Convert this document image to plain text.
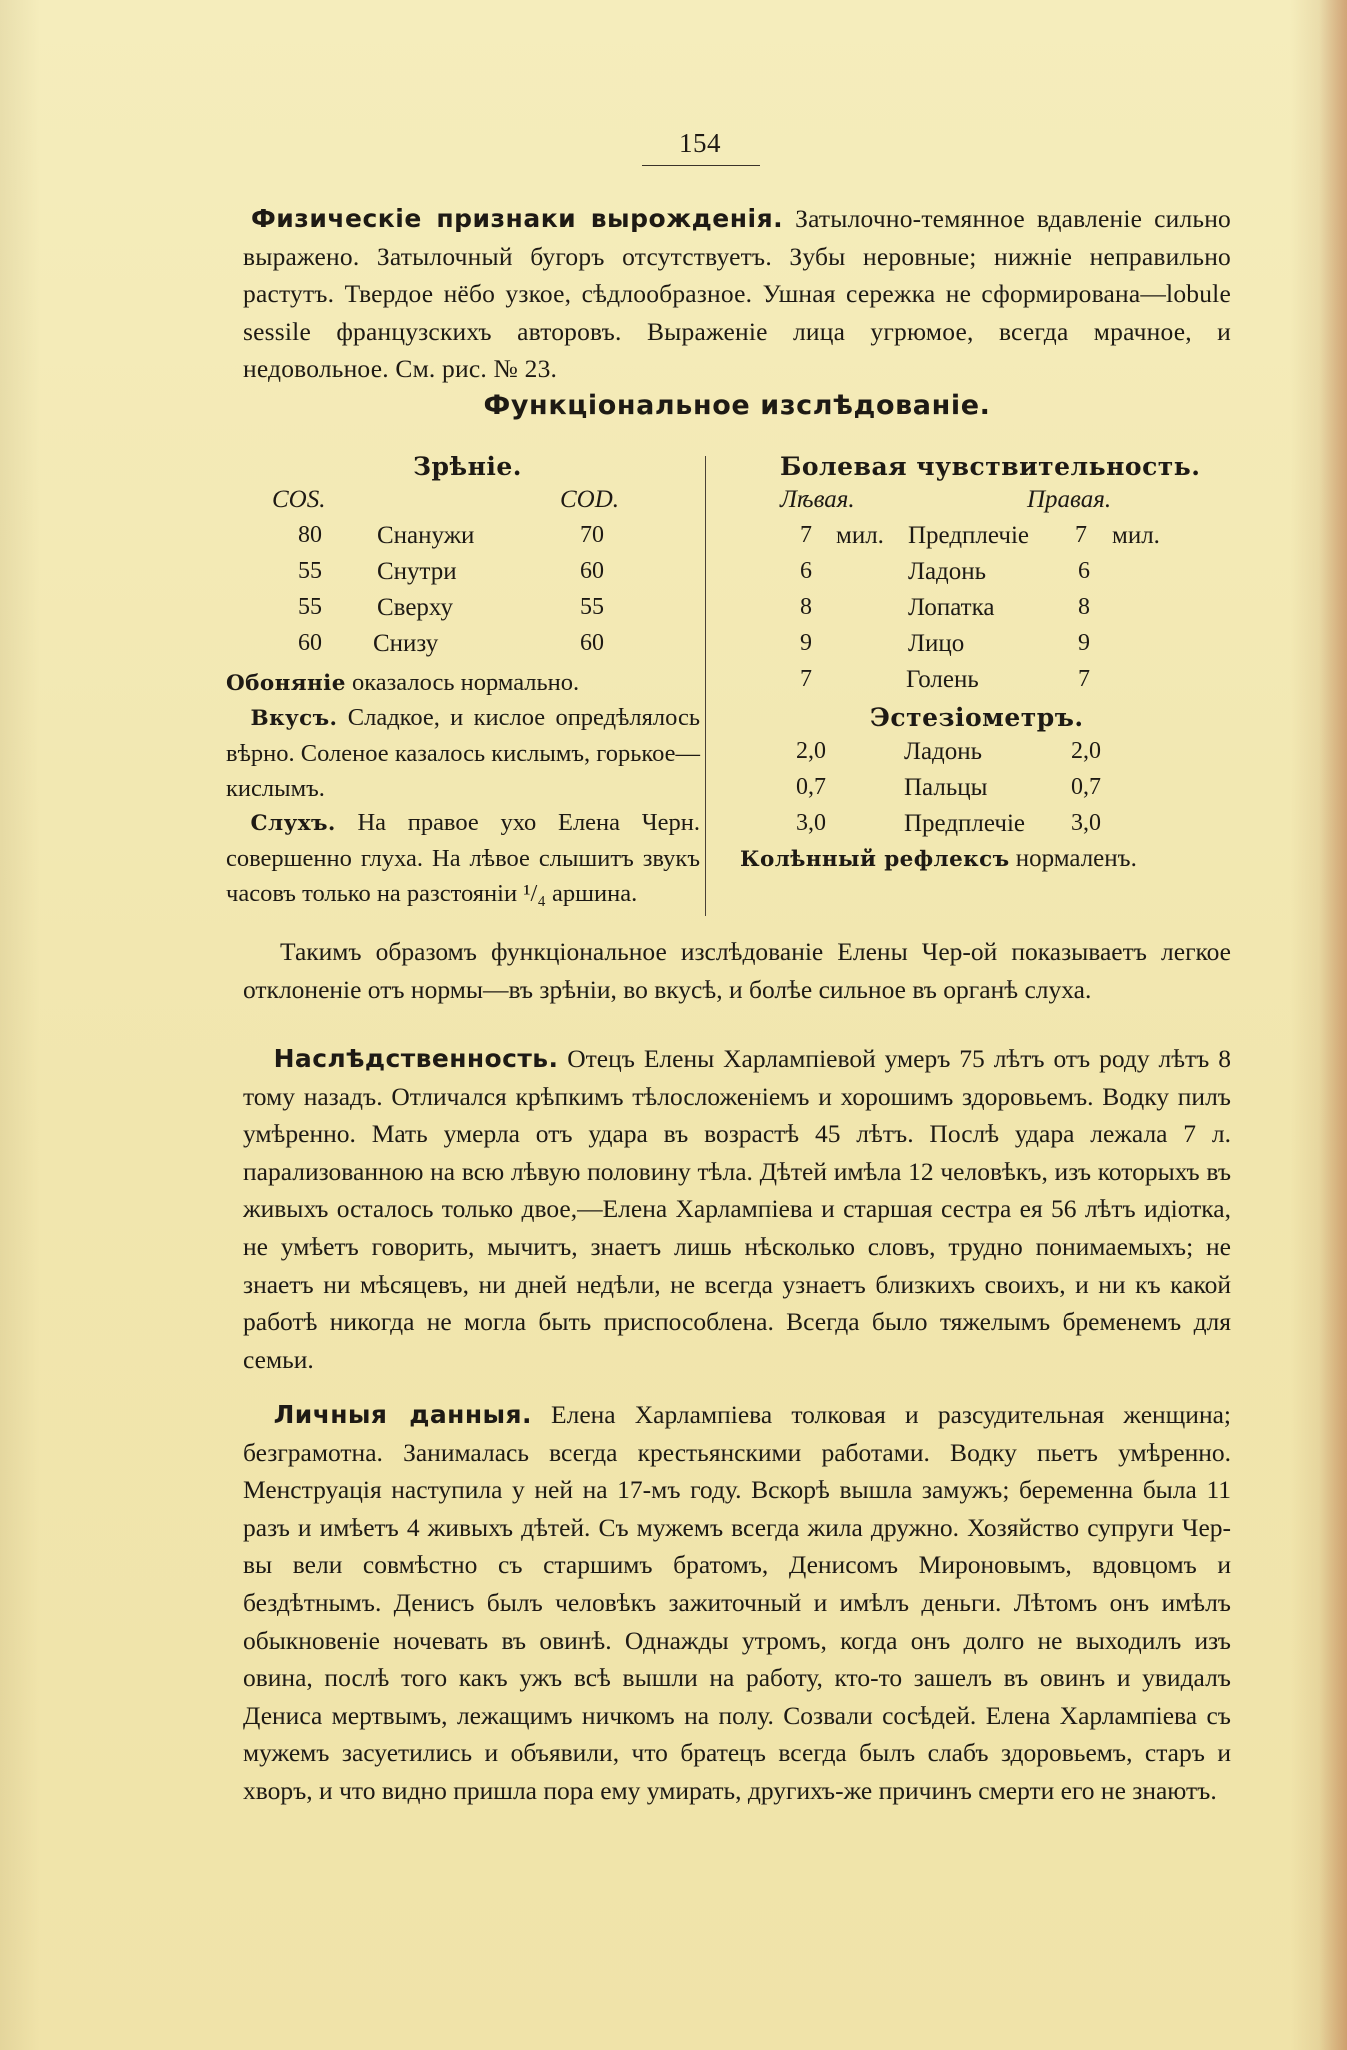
154

Физическіе признаки вырожденія. Затылочно-темянное вдавленіе сильно выражено. Затылочный бугоръ отсутствуетъ. Зубы неровные; нижніе неправильно растутъ. Твердое нёбо узкое, сѣдлообразное. Ушная сережка не сформирована—lobule sessile французскихъ авторовъ. Выраженіе лица угрюмое, всегда мрачное, и недовольное. См. рис. № 23.

Функціональное изслѣдованіе.
Зрѣніе.
COS.	COD.
80 Снанужи	70
55 Снутри	60
55 Сверху	55
60 Снизу	60

Обоняніе оказалось нормально.

 Вкусъ. Сладкое, и кислое опредѣлялось вѣрно. Соленое казалось кислымъ, горькое—кислымъ.

 Слухъ. На правое ухо Елена Черн. совершенно глуха. На лѣвое слышитъ звукъ часовъ только на разстояніи ¹/₄ аршина.

Болевая чувствительность.
Лѣвая.	Правая.
7 мил. Предплечіе 7 мил.
6	Ладонь	6
8	Лопатка	8
9	Лицо	9
7	Голень	7
Эстезіометръ.
2,0	Ладонь	2,0
0,7	Пальцы	0,7
3,0	Предплечіе 3,0
Колѣнный рефлексъ нормаленъ.

Такимъ образомъ функціональное изслѣдованіе Елены Чер-ой показываетъ легкое отклоненіе отъ нормы—въ зрѣніи, во вкусѣ, и болѣе сильное въ органѣ слуха.

  Наслѣдственность. Отецъ Елены Харлампіевой умеръ 75 лѣтъ отъ роду лѣтъ 8 тому назадъ. Отличался крѣпкимъ тѣлосложеніемъ и хорошимъ здоровьемъ. Водку пилъ умѣренно. Мать умерла отъ удара въ возрастѣ 45 лѣтъ. Послѣ удара лежала 7 л. парализованною на всю лѣвую половину тѣла. Дѣтей имѣла 12 человѣкъ, изъ которыхъ въ живыхъ осталось только двое,—Елена Харлампіева и старшая сестра ея 56 лѣтъ идіотка, не умѣетъ говорить, мычитъ, знаетъ лишь нѣсколько словъ, трудно понимаемыхъ; не знаетъ ни мѣсяцевъ, ни дней недѣли, не всегда узнаетъ близкихъ своихъ, и ни къ какой работѣ никогда не могла быть приспособлена. Всегда было тяжелымъ бременемъ для семьи.

  Личныя данныя. Елена Харлампіева толковая и разсудительная женщина; безграмотна. Занималась всегда крестьянскими работами. Водку пьетъ умѣренно. Менструація наступила у ней на 17-мъ году. Вскорѣ вышла замужъ; беременна была 11 разъ и имѣетъ 4 живыхъ дѣтей. Съ мужемъ всегда жила дружно. Хозяйство супруги Чер-вы вели совмѣстно съ старшимъ братомъ, Денисомъ Мироновымъ, вдовцомъ и бездѣтнымъ. Денисъ былъ человѣкъ зажиточный и имѣлъ деньги. Лѣтомъ онъ имѣлъ обыкновеніе ночевать въ овинѣ. Однажды утромъ, когда онъ долго не выходилъ изъ овина, послѣ того какъ ужъ всѣ вышли на работу, кто-то зашелъ въ овинъ и увидалъ Дениса мертвымъ, лежащимъ ничкомъ на полу. Созвали сосѣдей. Елена Харлампіева съ мужемъ засуетились и объявили, что братецъ всегда былъ слабъ здоровьемъ, старъ и хворъ, и что видно пришла пора ему умирать, другихъ-же причинъ смерти его не знаютъ.
